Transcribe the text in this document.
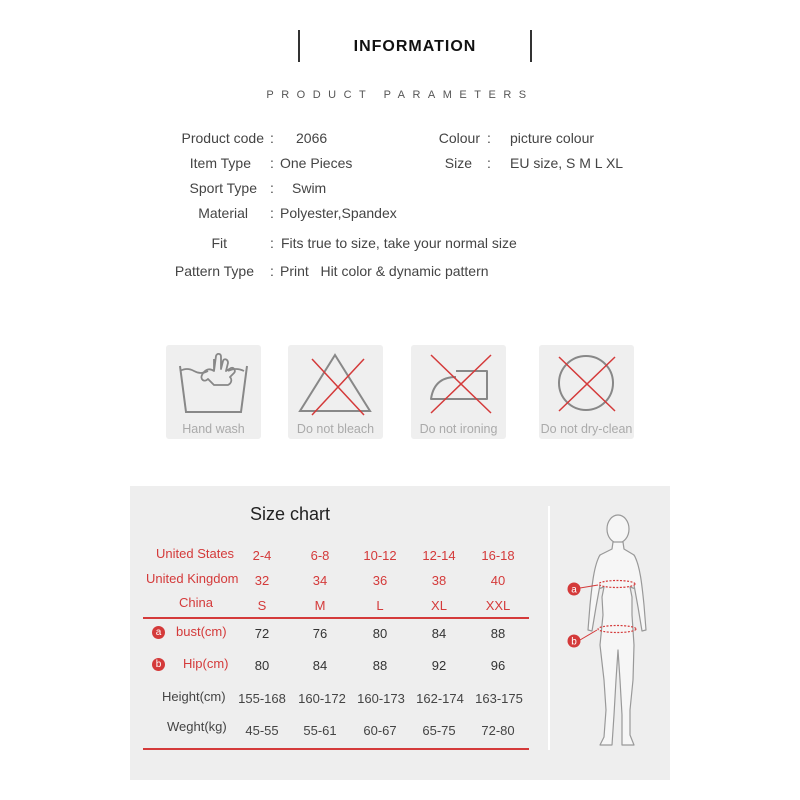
INFORMATION
PRODUCT PARAMETERS
Product code : 2066	Colour : picture colour
Item Type : One Pieces	Size : EU size, S M L XL
Sport Type : Swim
Material : Polyester,Spandex
Fit	: Fits true to size, take your normal size
Pattern Type : Print   Hit color & dynamic pattern
Hand wash	Do not bleach	Do not ironing	Do not dry-clean
Size chart
United States	2-4	6-8	10-12	12-14	16-18
United Kingdom	32	34	36	38	40
China	S	M	L	XL	XXL
a bust(cm)	72	76	80	84	88
b Hip(cm)	80	84	88	92	96
Height(cm) 155-168 160-172 160-173 162-174 163-175
Weght(kg)	45-55	55-61	60-67	65-75	72-80
a
b
